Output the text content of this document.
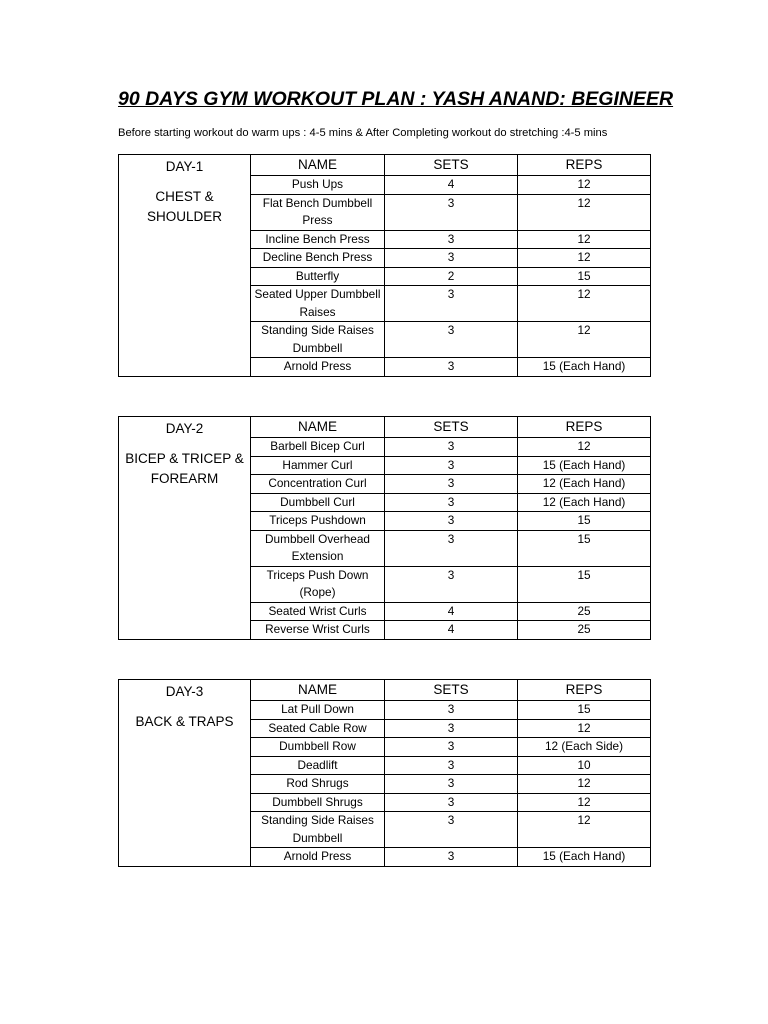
90 DAYS GYM WORKOUT PLAN : YASH ANAND: BEGINEER
Before starting workout do warm ups : 4-5 mins & After Completing workout do stretching :4-5 mins
DAY-1
CHEST & SHOULDER	NAME	SETS	REPS
	Push Ups	4	12
	Flat Bench Dumbbell Press	3	12
	Incline Bench Press	3	12
	Decline Bench Press	3	12
	Butterfly	2	15
	Seated Upper Dumbbell Raises	3	12
	Standing Side Raises Dumbbell	3	12
	Arnold Press	3	15 (Each Hand)
DAY-2
BICEP & TRICEP & FOREARM	NAME	SETS	REPS
	Barbell Bicep Curl	3	12
	Hammer Curl	3	15 (Each Hand)
	Concentration Curl	3	12 (Each Hand)
	Dumbbell Curl	3	12 (Each Hand)
	Triceps Pushdown	3	15
	Dumbbell Overhead Extension	3	15
	Triceps Push Down (Rope)	3	15
	Seated Wrist Curls	4	25
	Reverse Wrist Curls	4	25
DAY-3
BACK & TRAPS	NAME	SETS	REPS
	Lat Pull Down	3	15
	Seated Cable Row	3	12
	Dumbbell Row	3	12 (Each Side)
	Deadlift	3	10
	Rod Shrugs	3	12
	Dumbbell Shrugs	3	12
	Standing Side Raises Dumbbell	3	12
	Arnold Press	3	15 (Each Hand)
